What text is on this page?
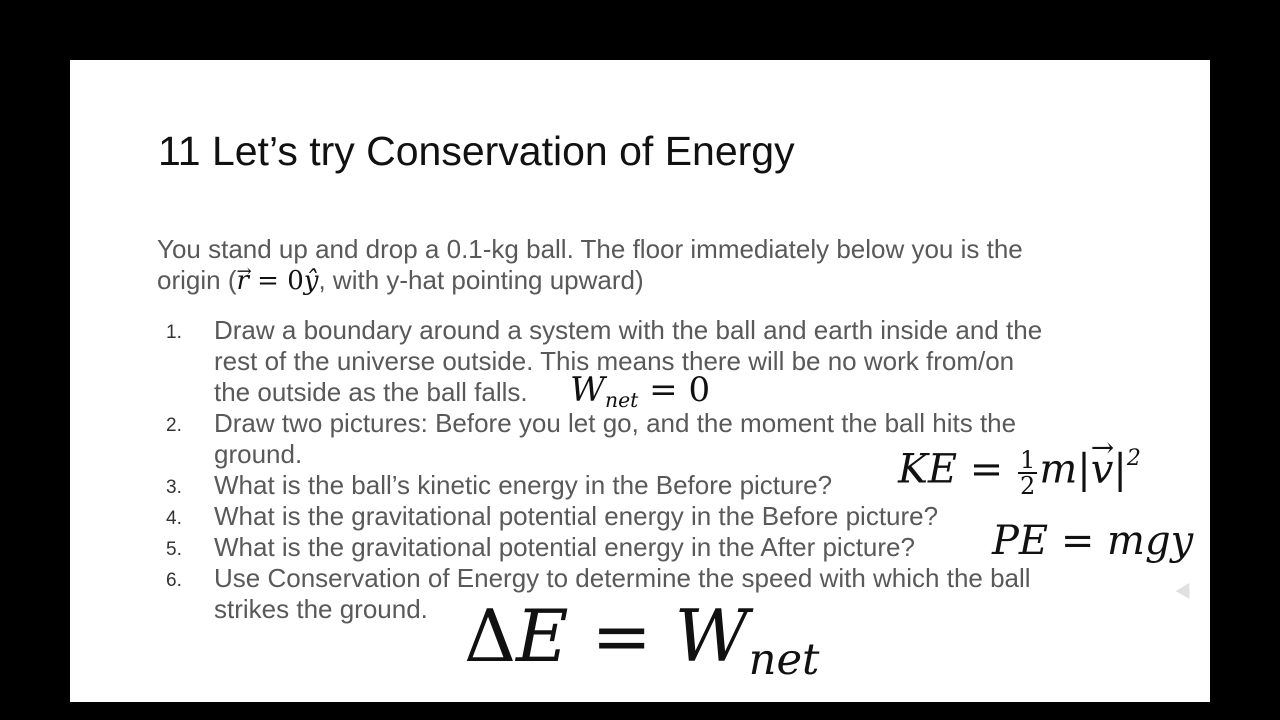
11 Let’s try Conservation of Energy
You stand up and drop a 0.1-kg ball. The floor immediately below you is the
origin (→ r = 0ŷ, with y-hat pointing upward)
1.	Draw a boundary around a system with the ball and earth inside and the
rest of the universe outside. This means there will be no work from/on
the outside as the ball falls.
2.	Draw two pictures: Before you let go, and the moment the ball hits the
ground.
3.	What is the ball’s kinetic energy in the Before picture?
4.	What is the gravitational potential energy in the Before picture?
5.	What is the gravitational potential energy in the After picture?
6.	Use Conservation of Energy to determine the speed with which the ball
strikes the ground.
$W_{net} = 0$
KE = $\frac{1}{2} m|\to v|^2$
PE = mgy
$\Delta E = W_{net}$
